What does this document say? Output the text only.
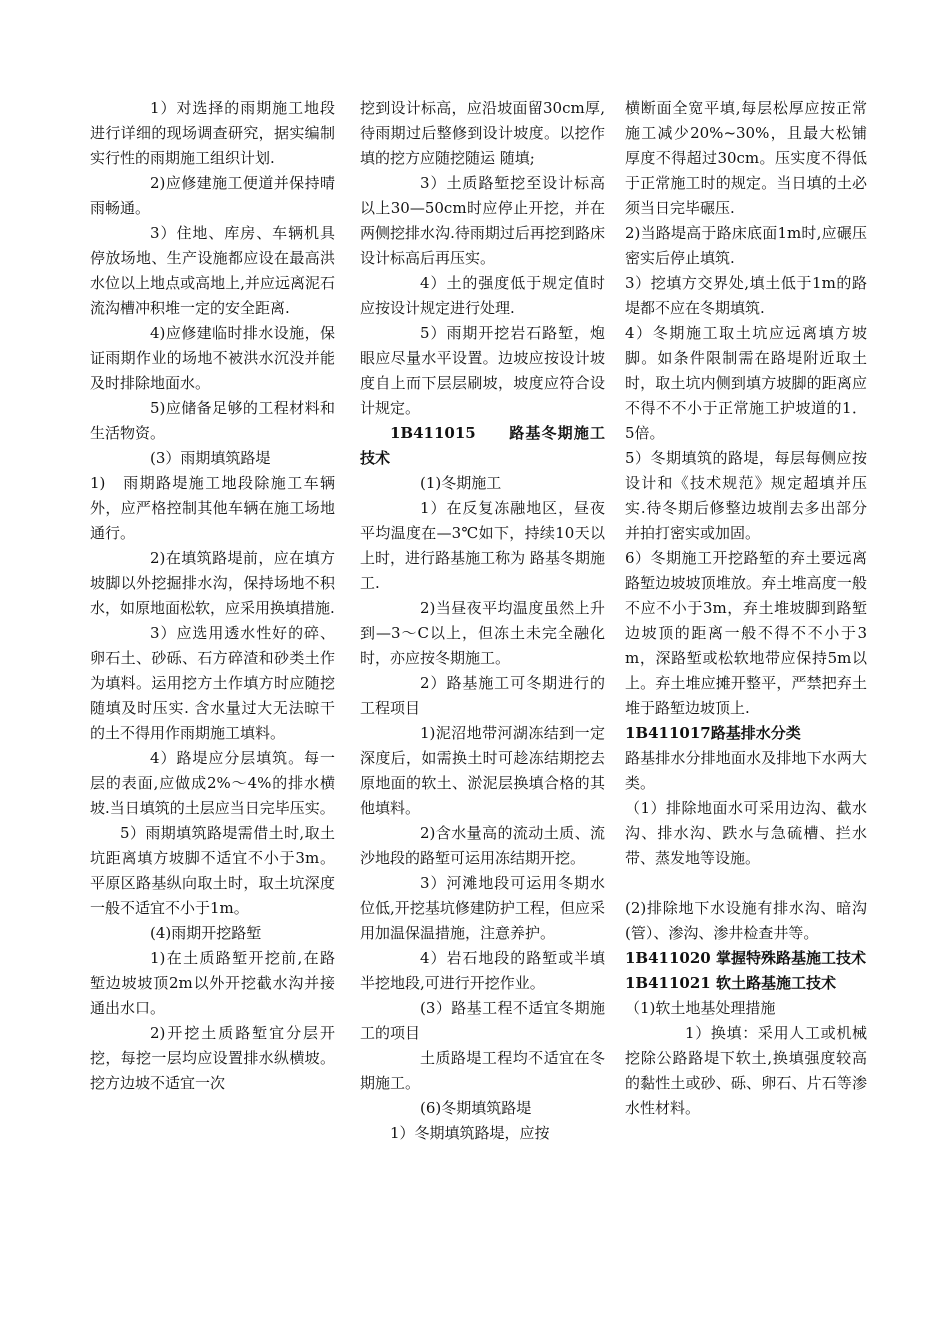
1）对选择的雨期施工地段进行详细的现场调查研究，据实编制实行性的雨期施工组织计划.

2)应修建施工便道并保持晴雨畅通。

3）住地、库房、车辆机具停放场地、生产设施都应设在最高洪水位以上地点或高地上,并应远离泥石流沟槽冲积堆一定的安全距离.

4)应修建临时排水设施，保证雨期作业的场地不被洪水沉没并能及时排除地面水。

5)应储备足够的工程材料和生活物资。

(3）雨期填筑路堤

1)　雨期路堤施工地段除施工车辆外，应严格控制其他车辆在施工场地通行。

2)在填筑路堤前，应在填方坡脚以外挖掘排水沟，保持场地不积水，如原地面松软，应采用换填措施.

3）应选用透水性好的碎、卵石土、砂砾、石方碎渣和砂类土作为填料。运用挖方土作填方时应随挖随填及时压实. 含水量过大无法晾干的土不得用作雨期施工填料。

4）路堤应分层填筑。每一层的表面,应做成2%～4%的排水横坡.当日填筑的土层应当日完毕压实。

5）雨期填筑路堤需借土时,取土坑距离填方坡脚不适宜不小于3m。平原区路基纵向取土时，取土坑深度一般不适宜不小于1m。

(4)雨期开挖路堑

1)在土质路堑开挖前,在路堑边坡坡顶2m以外开挖截水沟并接通出水口。

2)开挖土质路堑宜分层开挖，每挖一层均应设置排水纵横坡。挖方边坡不适宜一次

挖到设计标高，应沿坡面留30cm厚,待雨期过后整修到设计坡度。以挖作填的挖方应随挖随运 随填;

3）土质路堑挖至设计标高以上30—50cm时应停止开挖，并在两侧挖排水沟.待雨期过后再挖到路床设计标高后再压实。

4）土的强度低于规定值时应按设计规定进行处理.

5）雨期开挖岩石路堑，炮眼应尽量水平设置。边坡应按设计坡度自上而下层层刷坡，坡度应符合设计规定。

1B411015　　路基冬期施工技术

(1)冬期施工

1）在反复冻融地区，昼夜平均温度在—3℃如下，持续10天以上时，进行路基施工称为 路基冬期施工.

2)当昼夜平均温度虽然上升到—3～C以上，但冻土未完全融化时，亦应按冬期施工。

2）路基施工可冬期进行的工程项目

1)泥沼地带河湖冻结到一定深度后，如需换土时可趁冻结期挖去原地面的软土、淤泥层换填合格的其他填料。

2)含水量高的流动土质、流沙地段的路堑可运用冻结期开挖。

3）河滩地段可运用冬期水位低,开挖基坑修建防护工程，但应采用加温保温措施，注意养护。

4）岩石地段的路堑或半填半挖地段,可进行开挖作业。

(3）路基工程不适宜冬期施工的项目

土质路堤工程均不适宜在冬期施工。

(6)冬期填筑路堤

1）冬期填筑路堤，应按

横断面全宽平填,每层松厚应按正常施工减少20%~30%，且最大松铺厚度不得超过30cm。压实度不得低于正常施工时的规定。当日填的土必须当日完毕碾压.

2)当路堤高于路床底面1m时,应碾压密实后停止填筑.

3）挖填方交界处,填土低于1m的路堤都不应在冬期填筑.

4）冬期施工取土坑应远离填方坡脚。如条件限制需在路堤附近取土时，取土坑内侧到填方坡脚的距离应不得不不小于正常施工护坡道的1．5倍。

5）冬期填筑的路堤，每层每侧应按设计和《技术规范》规定超填并压实.待冬期后修整边坡削去多出部分并拍打密实或加固。

6）冬期施工开挖路堑的弃土要远离路堑边坡坡顶堆放。弃土堆高度一般不应不小于3m，弃土堆坡脚到路堑边坡顶的距离一般不得不不小于3m，深路堑或松软地带应保持5m以上。弃土堆应摊开整平，严禁把弃土堆于路堑边坡顶上.

1B411017路基排水分类

路基排水分排地面水及排地下水两大类。

（1）排除地面水可采用边沟、截水沟、排水沟、跌水与急硫槽、拦水带、蒸发地等设施。

(2)排除地下水设施有排水沟、暗沟(管）、渗沟、渗井检查井等。

1B411020 掌握特殊路基施工技术

1B411021 软土路基施工技术

（1)软土地基处理措施

1）换填：采用人工或机械挖除公路路堤下软土,换填强度较高的黏性土或砂、砾、卵石、片石等渗水性材料。
